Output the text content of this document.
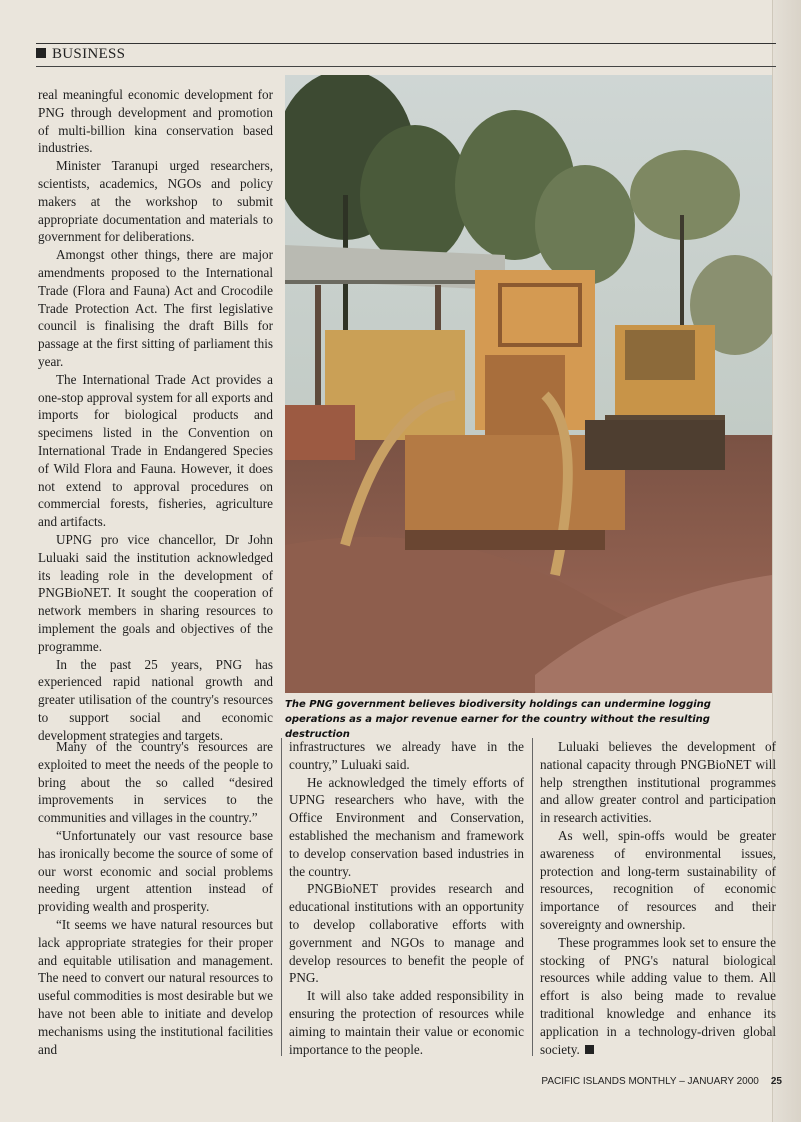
BUSINESS

real meaningful economic development for PNG through development and promotion of multi-billion kina conservation based industries.

Minister Taranupi urged researchers, scientists, academics, NGOs and policy makers at the workshop to submit appropriate documentation and materials to government for deliberations.

Amongst other things, there are major amendments proposed to the International Trade (Flora and Fauna) Act and Crocodile Trade Protection Act. The first legislative council is finalising the draft Bills for passage at the first sitting of parliament this year.

The International Trade Act provides a one-stop approval system for all exports and imports for biological products and specimens listed in the Convention on International Trade in Endangered Species of Wild Flora and Fauna. However, it does not extend to approval procedures on commercial forests, fisheries, agriculture and artifacts.

UPNG pro vice chancellor, Dr John Luluaki said the institution acknowledged its leading role in the development of PNGBioNET. It sought the cooperation of network members in sharing resources to implement the goals and objectives of the programme.

In the past 25 years, PNG has experienced rapid national growth and greater utilisation of the country's resources to support social and economic development strategies and targets.

The PNG government believes biodiversity holdings can undermine logging operations as a major revenue earner for the country without the resulting destruction

Many of the country's resources are exploited to meet the needs of the people to bring about the so called “desired improvements in services to the communities and villages in the country.”

“Unfortunately our vast resource base has ironically become the source of some of our worst economic and social problems needing urgent attention instead of providing wealth and prosperity.

“It seems we have natural resources but lack appropriate strategies for their proper and equitable utilisation and management. The need to convert our natural resources to useful commodities is most desirable but we have not been able to initiate and develop mechanisms using the institutional facilities and

infrastructures we already have in the country,” Luluaki said.

He acknowledged the timely efforts of UPNG researchers who have, with the Office Environment and Conservation, established the mechanism and framework to develop conservation based industries in the country.

PNGBioNET provides research and educational institutions with an opportunity to develop collaborative efforts with government and NGOs to manage and develop resources to benefit the people of PNG.

It will also take added responsibility in ensuring the protection of resources while aiming to maintain their value or economic importance to the people.

Luluaki believes the development of national capacity through PNGBioNET will help strengthen institutional programmes and allow greater control and participation in research activities.

As well, spin-offs would be greater awareness of environmental issues, protection and long-term sustainability of resources, recognition of economic importance of resources and their sovereignty and ownership.

These programmes look set to ensure the stocking of PNG's natural biological resources while adding value to them. All effort is also being made to revalue traditional knowledge and enhance its application in a technology-driven global society.

PACIFIC ISLANDS MONTHLY – JANUARY 2000 25
